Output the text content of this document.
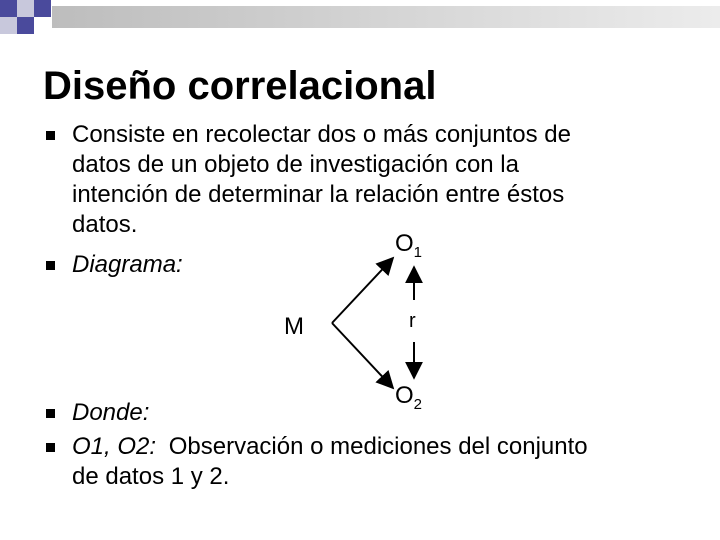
Diseño correlacional
Consiste en recolectar dos o más conjuntos de
datos de un objeto de investigación con la
intención de determinar la relación entre éstos
datos.
Diagrama:
M
$O_1$
r
$O_2$
Donde:
O1, O2: Observación o mediciones del conjunto
de datos 1 y 2.
